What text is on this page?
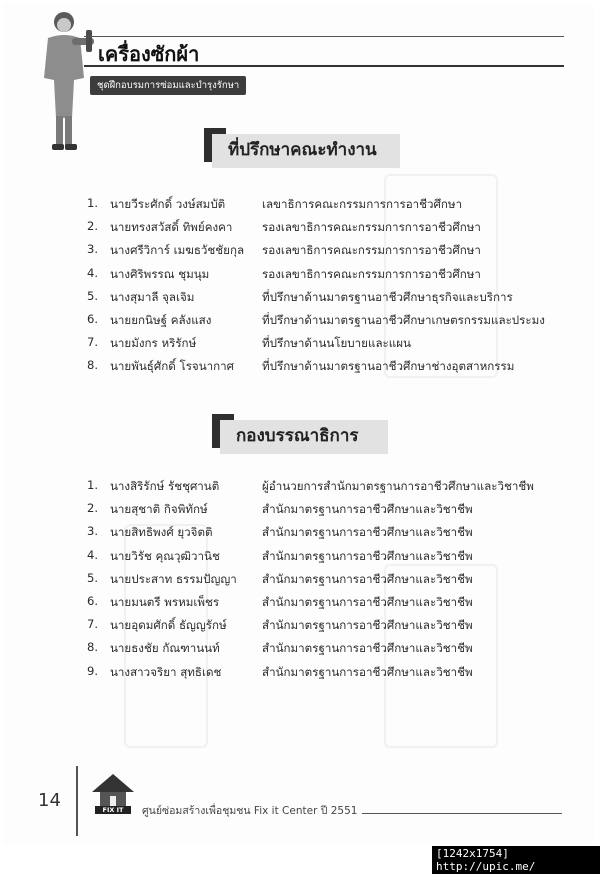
เครื่องซักผ้า
ชุดฝึกอบรมการซ่อมและบำรุงรักษา
ที่ปรึกษาคณะทำงาน
1. นายวีระศักดิ์ วงษ์สมบัติ	เลขาธิการคณะกรรมการการอาชีวศึกษา
2. นายทรงสวัสดิ์ ทิพย์คงคา	รองเลขาธิการคณะกรรมการการอาชีวศึกษา
3. นางศรีวิการ์ เมฆธวัชชัยกุล รองเลขาธิการคณะกรรมการการอาชีวศึกษา
4. นางศิริพรรณ ชุมนุม	รองเลขาธิการคณะกรรมการการอาชีวศึกษา
5. นางสุมาลี จุลเจิม	ที่ปรึกษาด้านมาตรฐานอาชีวศึกษาธุรกิจและบริการ
6. นายยกนิษฐ์ คลังแสง	ที่ปรึกษาด้านมาตรฐานอาชีวศึกษาเกษตรกรรมและประมง
7. นายมังกร หริรักษ์	ที่ปรึกษาด้านนโยบายและแผน
8. นายพันธุ์ศักดิ์ โรจนากาศ ที่ปรึกษาด้านมาตรฐานอาชีวศึกษาช่างอุตสาหกรรม
กองบรรณาธิการ
1. นางสิริรักษ์ รัชชุศานติ	ผู้อำนวยการสำนักมาตรฐานการอาชีวศึกษาและวิชาชีพ
2. นายสุชาติ กิจพิทักษ์	สำนักมาตรฐานการอาชีวศึกษาและวิชาชีพ
3. นายสิทธิพงศ์ ยุวจิตติ	สำนักมาตรฐานการอาชีวศึกษาและวิชาชีพ
4. นายวิรัช คุณวุฒิวานิช	สำนักมาตรฐานการอาชีวศึกษาและวิชาชีพ
5. นายประสาท ธรรมปัญญา สำนักมาตรฐานการอาชีวศึกษาและวิชาชีพ
6. นายมนตรี พรหมเพ็ชร	สำนักมาตรฐานการอาชีวศึกษาและวิชาชีพ
7. นายอุดมศักดิ์ ธัญญรักษ์	สำนักมาตรฐานการอาชีวศึกษาและวิชาชีพ
8. นายธงชัย กัณฑานนท์	สำนักมาตรฐานการอาชีวศึกษาและวิชาชีพ
9. นางสาวจริยา สุทธิเดช	สำนักมาตรฐานการอาชีวศึกษาและวิชาชีพ
14	FIX IT	ศูนย์ซ่อมสร้างเพื่อชุมชน Fix it Center ปี 2551
[1242x1754] http://upic.me/
